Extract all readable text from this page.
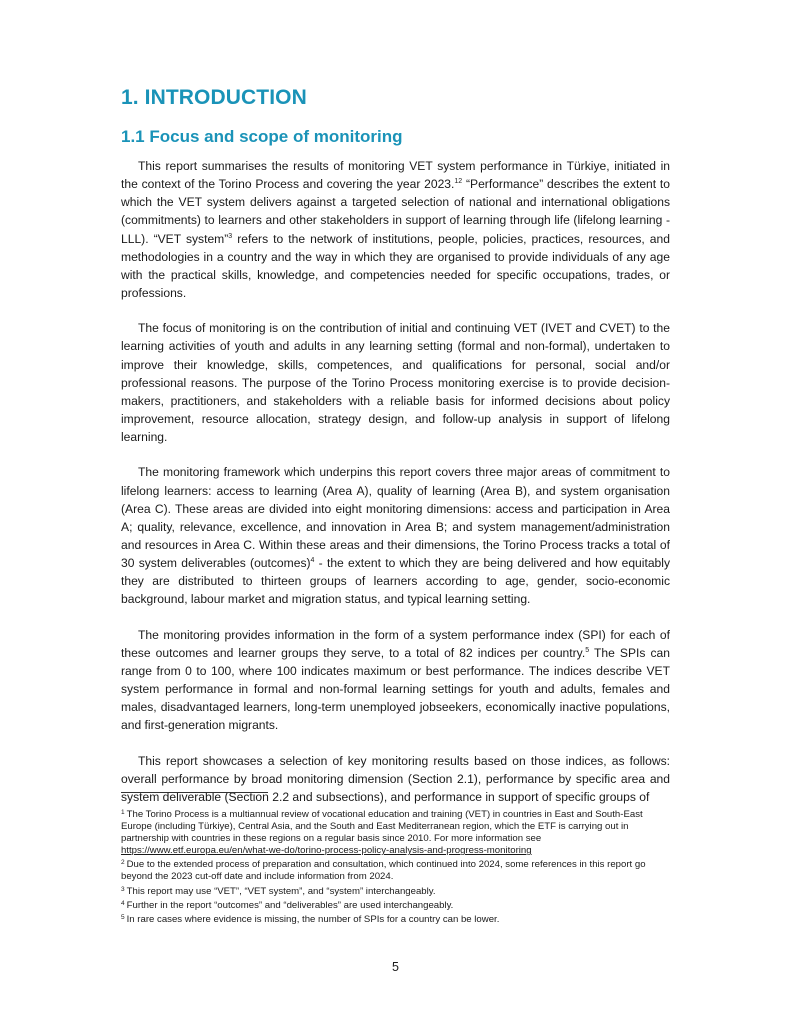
1. INTRODUCTION
1.1 Focus and scope of monitoring

This report summarises the results of monitoring VET system performance in Türkiye, initiated in the context of the Torino Process and covering the year 2023.12 “Performance” describes the extent to which the VET system delivers against a targeted selection of national and international obligations (commitments) to learners and other stakeholders in support of learning through life (lifelong learning - LLL). “VET system”$^3$ refers to the network of institutions, people, policies, practices, resources, and methodologies in a country and the way in which they are organised to provide individuals of any age with the practical skills, knowledge, and competencies needed for specific occupations, trades, or professions.

The focus of monitoring is on the contribution of initial and continuing VET (IVET and CVET) to the learning activities of youth and adults in any learning setting (formal and non-formal), undertaken to improve their knowledge, skills, competences, and qualifications for personal, social and/or professional reasons. The purpose of the Torino Process monitoring exercise is to provide decision-makers, practitioners, and stakeholders with a reliable basis for informed decisions about policy improvement, resource allocation, strategy design, and follow-up analysis in support of lifelong learning.

The monitoring framework which underpins this report covers three major areas of commitment to lifelong learners: access to learning (Area A), quality of learning (Area B), and system organisation (Area C). These areas are divided into eight monitoring dimensions: access and participation in Area A; quality, relevance, excellence, and innovation in Area B; and system management/administration and resources in Area C. Within these areas and their dimensions, the Torino Process tracks a total of 30 system deliverables (outcomes)$^4$ - the extent to which they are being delivered and how equitably they are distributed to thirteen groups of learners according to age, gender, socio-economic background, labour market and migration status, and typical learning setting.

The monitoring provides information in the form of a system performance index (SPI) for each of these outcomes and learner groups they serve, to a total of 82 indices per country.$^5$ The SPIs can range from 0 to 100, where 100 indicates maximum or best performance. The indices describe VET system performance in formal and non-formal learning settings for youth and adults, females and males, disadvantaged learners, long-term unemployed jobseekers, economically inactive populations, and first-generation migrants.

This report showcases a selection of key monitoring results based on those indices, as follows: overall performance by broad monitoring dimension (Section 2.1), performance by specific area and system deliverable (Section 2.2 and subsections), and performance in support of specific groups of

$^1$ The Torino Process is a multiannual review of vocational education and training (VET) in countries in East and South-East Europe (including Türkiye), Central Asia, and the South and East Mediterranean region, which the ETF is carrying out in partnership with countries in these regions on a regular basis since 2010. For more information see https://www.etf.europa.eu/en/what-we-do/torino-process-policy-analysis-and-progress-monitoring
$^2$ Due to the extended process of preparation and consultation, which continued into 2024, some references in this report go beyond the 2023 cut-off date and include information from 2024.
$^3$ This report may use “VET”, “VET system”, and “system” interchangeably.
$^4$ Further in the report “outcomes” and “deliverables” are used interchangeably.
$^5$ In rare cases where evidence is missing, the number of SPIs for a country can be lower.
5
